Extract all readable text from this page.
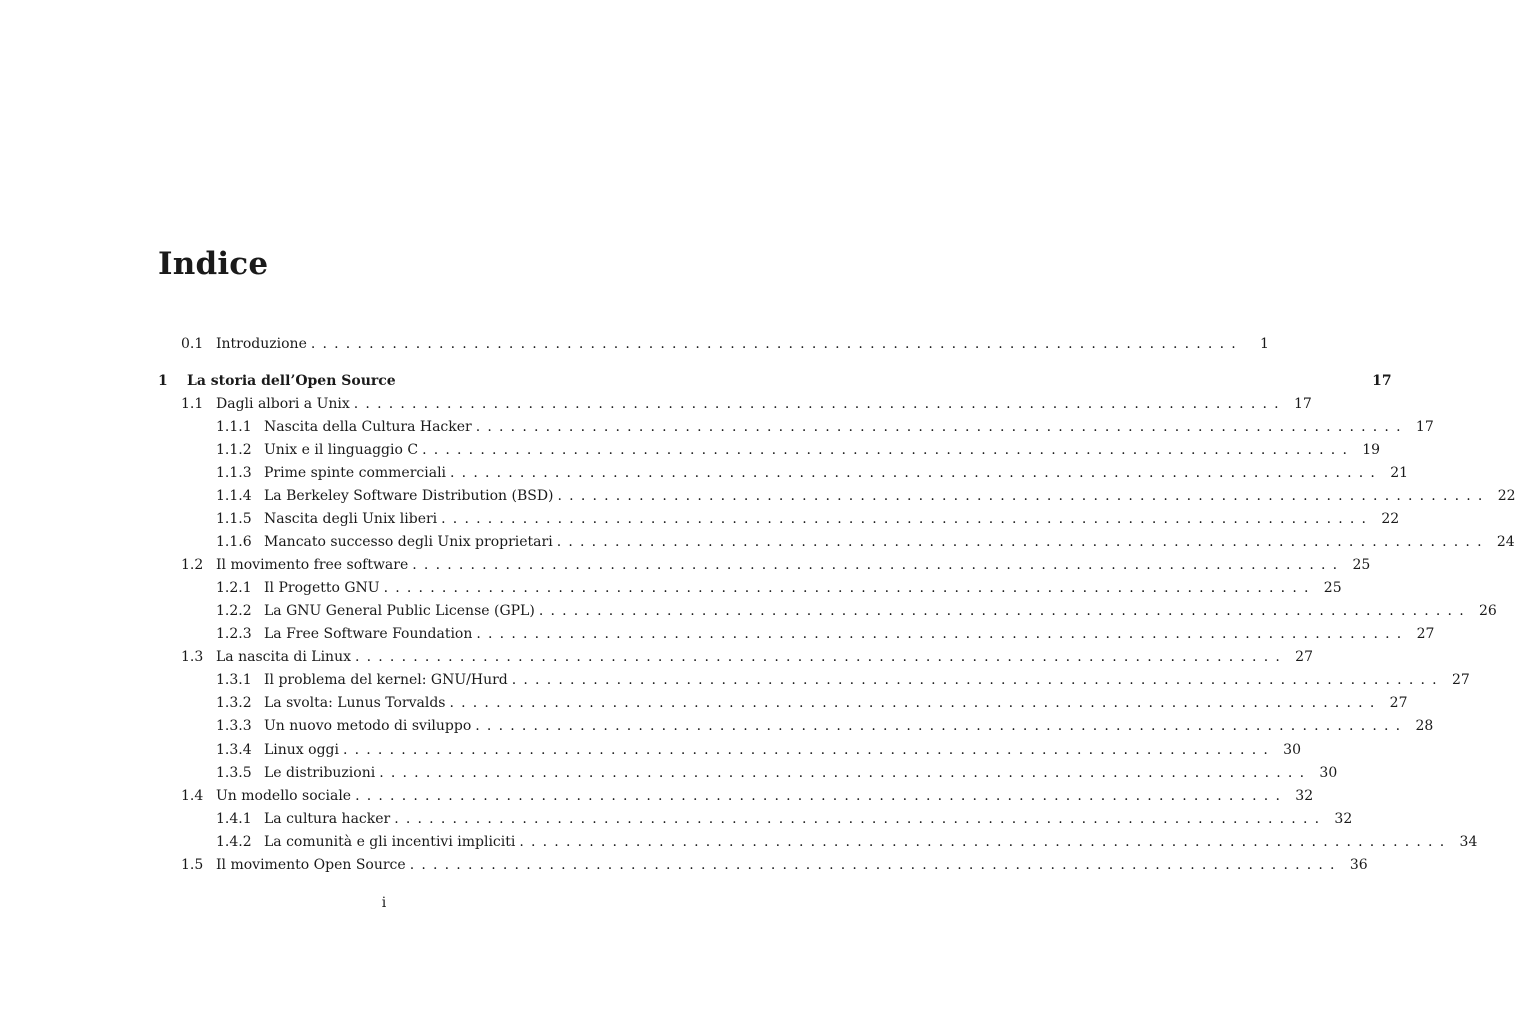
Indice
0.1 Introduzione ................................................................................	1
1 La storia dell’Open Source	17
1.1 Dagli albori a Unix ................................................................................ 17
1.1.1 Nascita della Cultura Hacker ................................................................................ 17
1.1.2 Unix e il linguaggio C ................................................................................ 19
1.1.3 Prime spinte commerciali ................................................................................ 21
1.1.4 La Berkeley Software Distribution (BSD) ................................................................................ 22
1.1.5 Nascita degli Unix liberi ................................................................................ 22
1.1.6 Mancato successo degli Unix proprietari ................................................................................ 24
1.2 Il movimento free software ................................................................................ 25
1.2.1 Il Progetto GNU ................................................................................ 25
1.2.2 La GNU General Public License (GPL) ................................................................................ 26
1.2.3 La Free Software Foundation ................................................................................ 27
1.3 La nascita di Linux ................................................................................ 27
1.3.1 Il problema del kernel: GNU/Hurd ................................................................................ 27
1.3.2 La svolta: Lunus Torvalds ................................................................................ 27
1.3.3 Un nuovo metodo di sviluppo ................................................................................ 28
1.3.4 Linux oggi ................................................................................ 30
1.3.5 Le distribuzioni ................................................................................ 30
1.4 Un modello sociale ................................................................................ 32
1.4.1 La cultura hacker ................................................................................ 32
1.4.2 La comunità e gli incentivi impliciti ................................................................................ 34
1.5 Il movimento Open Source ................................................................................ 36
i
